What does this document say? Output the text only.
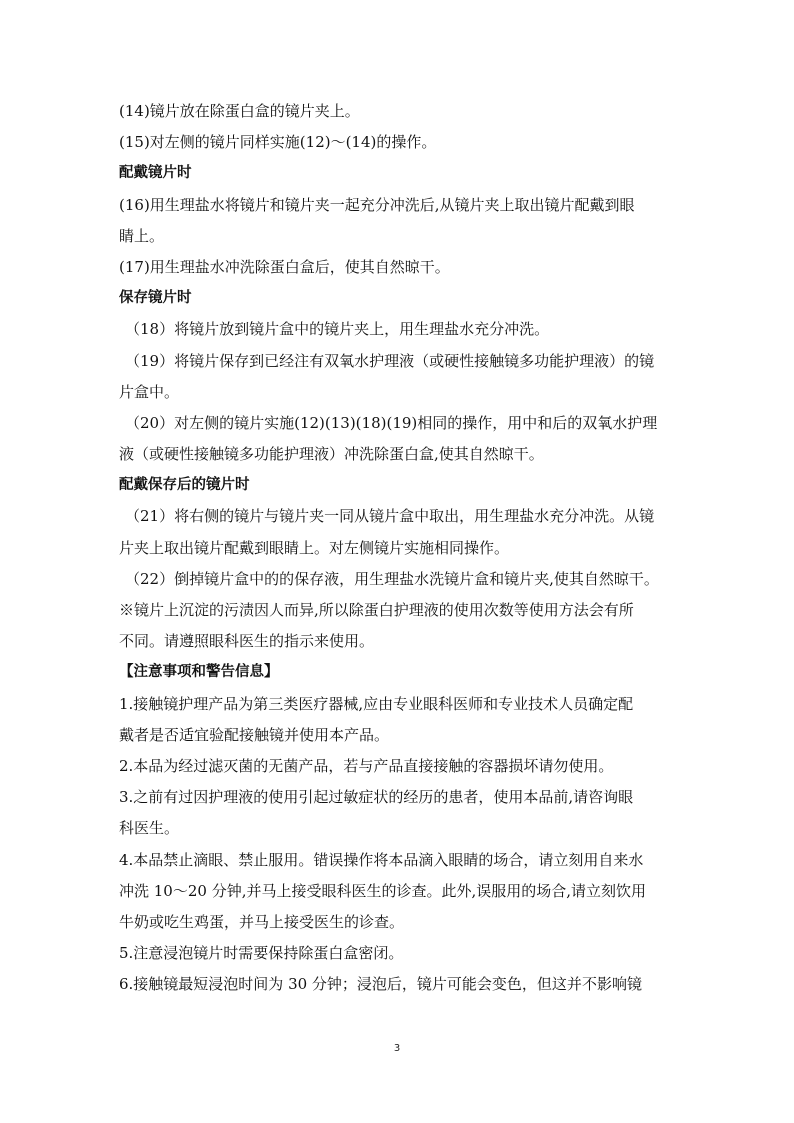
(14)镜片放在除蛋白盒的镜片夹上。
(15)对左侧的镜片同样实施(12)～(14)的操作。
配戴镜片时
(16)用生理盐水将镜片和镜片夹一起充分冲洗后,从镜片夹上取出镜片配戴到眼
睛上。
(17)用生理盐水冲洗除蛋白盒后，使其自然晾干。
保存镜片时
（18）将镜片放到镜片盒中的镜片夹上，用生理盐水充分冲洗。
（19）将镜片保存到已经注有双氧水护理液（或硬性接触镜多功能护理液）的镜
片盒中。
（20）对左侧的镜片实施(12)(13)(18)(19)相同的操作，用中和后的双氧水护理
液（或硬性接触镜多功能护理液）冲洗除蛋白盒,使其自然晾干。
配戴保存后的镜片时
（21）将右侧的镜片与镜片夹一同从镜片盒中取出，用生理盐水充分冲洗。从镜
片夹上取出镜片配戴到眼睛上。对左侧镜片实施相同操作。
（22）倒掉镜片盒中的的保存液，用生理盐水洗镜片盒和镜片夹,使其自然晾干。
※镜片上沉淀的污渍因人而异,所以除蛋白护理液的使用次数等使用方法会有所
不同。请遵照眼科医生的指示来使用。
【注意事项和警告信息】
1.接触镜护理产品为第三类医疗器械,应由专业眼科医师和专业技术人员确定配
戴者是否适宜验配接触镜并使用本产品。
2.本品为经过滤灭菌的无菌产品，若与产品直接接触的容器损坏请勿使用。
3.之前有过因护理液的使用引起过敏症状的经历的患者，使用本品前,请咨询眼
科医生。
4.本品禁止滴眼、禁止服用。错误操作将本品滴入眼睛的场合，请立刻用自来水
冲洗 10～20 分钟,并马上接受眼科医生的诊查。此外,误服用的场合,请立刻饮用
牛奶或吃生鸡蛋，并马上接受医生的诊查。
5.注意浸泡镜片时需要保持除蛋白盒密闭。
6.接触镜最短浸泡时间为 30 分钟；浸泡后，镜片可能会变色，但这并不影响镜
3
